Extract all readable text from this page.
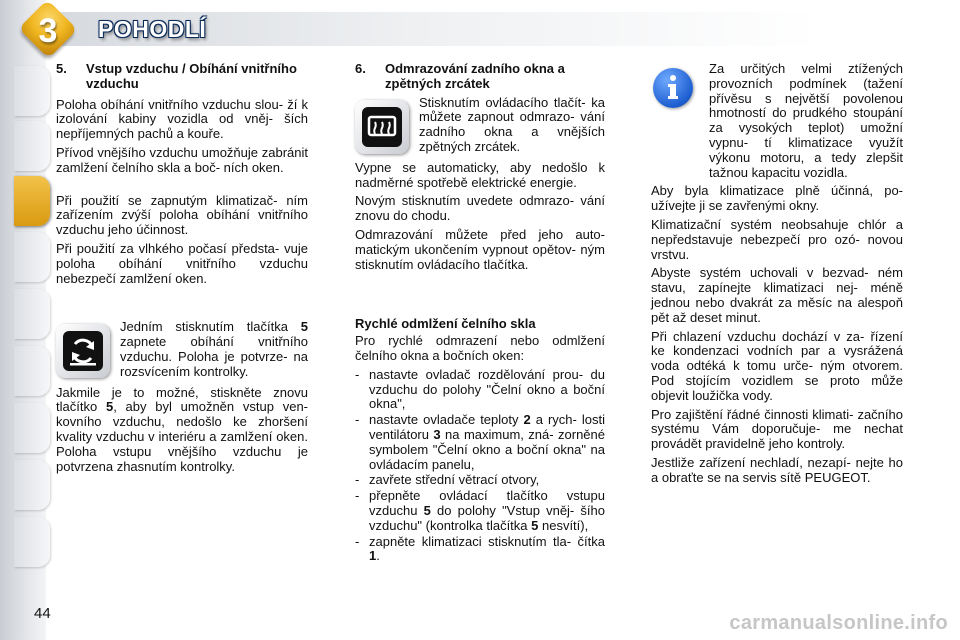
3	POHODLÍ
5.	Vstup vzduchu / Obíhání vnitřního vzduchu

Poloha obíhání vnitřního vzduchu slou- ží k izolování kabiny vozidla od vněj- ších nepříjemných pachů a kouře.

Přívod vnějšího vzduchu umožňuje zabránit zamlžení čelního skla a boč- ních oken.

Při použití se zapnutým klimatizač- ním zařízením zvýší poloha obíhání vnitřního vzduchu jeho účinnost.

Při použití za vlhkého počasí předsta- vuje poloha obíhání vnitřního vzduchu nebezpečí zamlžení oken.

Jedním stisknutím tlačítka 5 zapnete obíhání vnitřního vzduchu. Poloha je potvrze- na rozsvícením kontrolky.

Jakmile je to možné, stiskněte znovu tlačítko 5, aby byl umožněn vstup ven- kovního vzduchu, nedošlo ke zhoršení kvality vzduchu v interiéru a zamlžení oken. Poloha vstupu vnějšího vzduchu je potvrzena zhasnutím kontrolky.

6.	Odmrazování zadního okna a zpětných zrcátek

Stisknutím ovládacího tlačít- ka můžete zapnout odmrazo- vání zadního okna a vnějších zpětných zrcátek.

Vypne se automaticky, aby nedošlo k nadměrné spotřebě elektrické energie.

Novým stisknutím uvedete odmrazo- vání znovu do chodu.

Odmrazování můžete před jeho auto- matickým ukončením vypnout opětov- ným stisknutím ovládacího tlačítka.

Rychlé odmlžení čelního skla

Pro rychlé odmrazení nebo odmlžení čelního okna a bočních oken:

- nastavte ovladač rozdělování prou- du vzduchu do polohy "Čelní okno a boční okna",
- nastavte ovladače teploty 2 a rych- losti ventilátoru 3 na maximum, zná- zorněné symbolem "Čelní okno a boční okna" na ovládacím panelu,
- zavřete střední větrací otvory,
- přepněte ovládací tlačítko vstupu vzduchu 5 do polohy "Vstup vněj- šího vzduchu" (kontrolka tlačítka 5 nesvítí),
- zapněte klimatizaci stisknutím tla- čítka 1.

Za určitých velmi ztížených provozních podmínek (tažení přívěsu s největší povolenou hmotností do prudkého stoupání za vysokých teplot) umožní vypnu- tí klimatizace využít výkonu motoru, a tedy zlepšit tažnou kapacitu vozidla.

Aby byla klimatizace plně účinná, po- užívejte ji se zavřenými okny.

Klimatizační systém neobsahuje chlór a nepředstavuje nebezpečí pro ozó- novou vrstvu.

Abyste systém uchovali v bezvad- ném stavu, zapínejte klimatizaci nej- méně jednou nebo dvakrát za měsíc na alespoň pět až deset minut.

Při chlazení vzduchu dochází v za- řízení ke kondenzaci vodních par a vysrážená voda odtéká k tomu urče- ným otvorem. Pod stojícím vozidlem se proto může objevit loužička vody.

Pro zajištění řádné činnosti klimati- začního systému Vám doporučuje- me nechat provádět pravidelně jeho kontroly.

Jestliže zařízení nechladí, nezapí- nejte ho a obraťte se na servis sítě PEUGEOT.

44	carmanualsonline.info
